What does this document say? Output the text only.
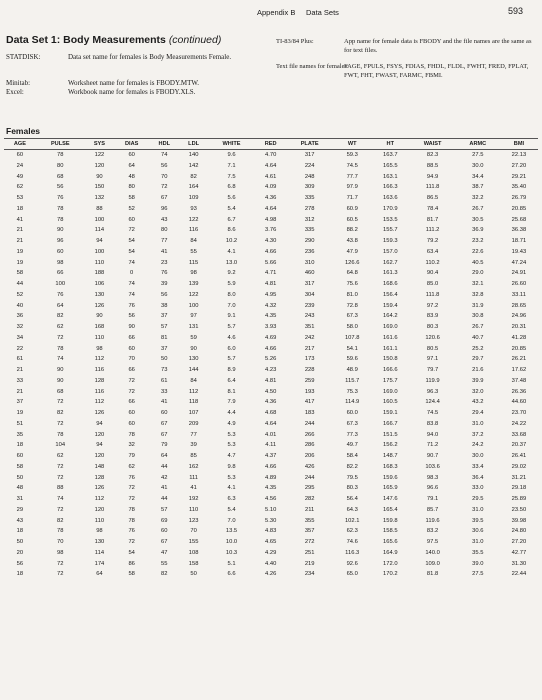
Appendix B Data Sets	593
Data Set 1: Body Measurements (continued)
STATDISK:	Data set name for females is Body Measurements Female.
Minitab:
Excel:
Worksheet name for females is FBODY.MTW.
Workbook name for females is FBODY.XLS.
TI-83/84 Plus:	App name for female data is FBODY and the file names are the same as for text files.
Text file names for females:
FAGE, FPULS, FSYS, FDIAS, FHDL, FLDL, FWHT, FRED, FPLAT, FWT, FHT, FWAST, FARMC, FBMI.
Females
AGE	PULSE	SYS	DIAS	HDL	LDL	WHITE	RED	PLATE	WT	HT	WAIST	ARMC	BMI
60	78	122	60	74	140	9.6	4.70	317	59.3	163.7	82.3	27.5	22.13
24	80	120	64	56	142	7.1	4.64	224	74.5	165.5	88.5	30.0	27.20
49	68	90	48	70	82	7.5	4.61	248	77.7	163.1	94.9	34.4	29.21
62	56	150	80	72	164	6.8	4.09	309	97.9	166.3	111.8	38.7	35.40
53	76	132	58	67	109	5.6	4.36	335	71.7	163.6	86.5	32.2	26.79
18	78	88	52	96	93	5.4	4.64	278	60.9	170.9	78.4	26.7	20.85
41	78	100	60	43	122	6.7	4.98	312	60.5	153.5	81.7	30.5	25.68
21	90	114	72	80	116	8.6	3.76	335	88.2	155.7	111.2	36.9	36.38
21	96	94	54	77	84	10.2	4.30	290	43.8	159.3	79.2	23.2	18.71
19	60	100	54	41	55	4.1	4.66	236	47.9	157.0	63.4	22.6	19.43
19	98	110	74	23	115	13.0	5.66	310	126.6	162.7	110.2	40.5	47.24
58	66	188	0	76	98	9.2	4.71	460	64.8	161.3	90.4	29.0	24.91
44	100	106	74	39	139	5.9	4.81	317	75.6	168.6	85.0	32.1	26.60
52	76	130	74	56	122	8.0	4.95	304	81.0	156.4	111.8	32.8	33.11
40	64	126	76	38	100	7.0	4.32	239	72.8	159.4	97.2	31.9	28.65
36	82	90	56	37	97	9.1	4.35	243	67.3	164.2	83.9	30.8	24.96
32	62	168	90	57	131	5.7	3.93	351	58.0	169.0	80.3	26.7	20.31
34	72	110	66	81	59	4.6	4.69	242	107.8	161.6	120.6	40.7	41.28
22	78	98	60	37	90	6.0	4.66	217	54.1	161.1	80.5	25.2	20.85
61	74	112	70	50	130	5.7	5.26	173	59.6	150.8	97.1	29.7	26.21
21	90	116	66	73	144	8.9	4.23	228	48.9	166.6	79.7	21.6	17.62
33	90	128	72	61	84	6.4	4.81	259	115.7	175.7	119.9	39.9	37.48
21	68	116	72	33	112	8.1	4.50	193	75.3	169.0	96.3	32.0	26.36
37	72	112	66	41	118	7.9	4.36	417	114.9	160.5	124.4	43.2	44.60
19	82	126	60	60	107	4.4	4.68	183	60.0	159.1	74.5	29.4	23.70
51	72	94	60	67	209	4.9	4.64	244	67.3	166.7	83.8	31.0	24.22
35	78	120	78	67	77	5.3	4.01	266	77.3	151.5	94.0	37.2	33.68
18	104	94	32	79	39	5.3	4.11	286	49.7	156.2	71.2	24.2	20.37
60	62	120	79	64	85	4.7	4.37	206	58.4	148.7	90.7	30.0	26.41
58	72	148	62	44	162	9.8	4.66	426	82.2	168.3	103.6	33.4	29.02
50	72	128	76	42	111	5.3	4.89	244	79.5	159.6	98.3	36.4	31.21
48	88	126	72	41	41	4.1	4.35	295	80.3	165.9	96.6	33.0	29.18
31	74	112	72	44	192	6.3	4.56	282	56.4	147.6	79.1	29.5	25.89
29	72	120	78	57	110	5.4	5.10	211	64.3	165.4	85.7	31.0	23.50
43	82	110	78	69	123	7.0	5.30	355	102.1	159.8	119.6	39.5	39.98
18	78	98	76	60	70	13.5	4.83	357	62.3	158.5	83.2	30.6	24.80
50	70	130	72	67	155	10.0	4.65	272	74.6	165.6	97.5	31.0	27.20
20	98	114	54	47	108	10.3	4.29	251	116.3	164.9	140.0	35.5	42.77
56	72	174	86	55	158	5.1	4.40	219	92.6	172.0	109.0	39.0	31.30
18	72	64	58	82	50	6.6	4.26	234	65.0	170.2	81.8	27.5	22.44
